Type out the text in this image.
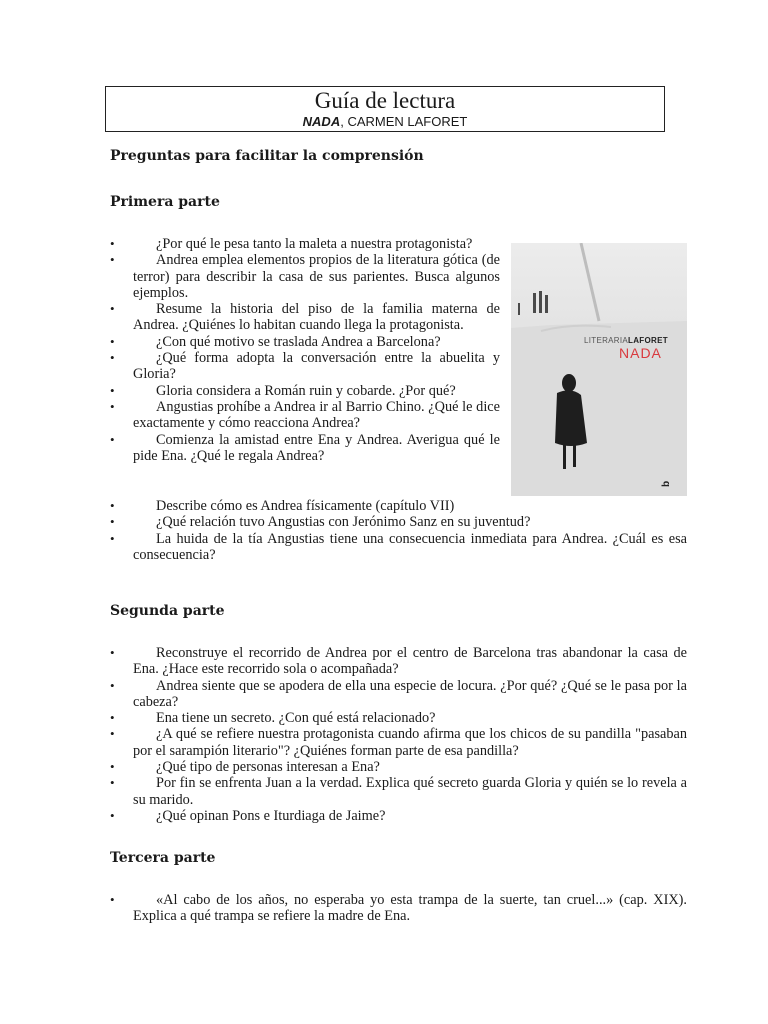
Guía de lectura
NADA, CARMEN LAFORET
Preguntas para facilitar la comprensión
Primera parte
• ¿Por qué le pesa tanto la maleta a nuestra protagonista?
• Andrea emplea elementos propios de la literatura gótica (de terror) para describir la casa de sus parientes. Busca algunos ejemplos.
• Resume la historia del piso de la familia materna de Andrea. ¿Quiénes lo habitan cuando llega la protagonista.
• ¿Con qué motivo se traslada Andrea a Barcelona?
• ¿Qué forma adopta la conversación entre la abuelita y Gloria?
• Gloria considera a Román ruin y cobarde. ¿Por qué?
• Angustias prohíbe a Andrea ir al Barrio Chino. ¿Qué le dice exactamente y cómo reacciona Andrea?
• Comienza la amistad entre Ena y Andrea. Averigua qué le pide Ena. ¿Qué le regala Andrea?
• Describe cómo es Andrea físicamente (capítulo VII)
• ¿Qué relación tuvo Angustias con Jerónimo Sanz en su juventud?
• La huida de la tía Angustias tiene una consecuencia inmediata para Andrea. ¿Cuál es esa consecuencia?
b
LITERARIALAFORET
NADA
Segunda parte
• Reconstruye el recorrido de Andrea por el centro de Barcelona tras abandonar la casa de Ena. ¿Hace este recorrido sola o acompañada?
• Andrea siente que se apodera de ella una especie de locura. ¿Por qué? ¿Qué se le pasa por la cabeza?
• Ena tiene un secreto. ¿Con qué está relacionado?
• ¿A qué se refiere nuestra protagonista cuando afirma que los chicos de su pandilla "pasaban por el sarampión literario"? ¿Quiénes forman parte de esa pandilla?
• ¿Qué tipo de personas interesan a Ena?
• Por fin se enfrenta Juan a la verdad. Explica qué secreto guarda Gloria y quién se lo revela a su marido.
• ¿Qué opinan Pons e Iturdiaga de Jaime?
Tercera parte
• «Al cabo de los años, no esperaba yo esta trampa de la suerte, tan cruel...» (cap. XIX). Explica a qué trampa se refiere la madre de Ena.
